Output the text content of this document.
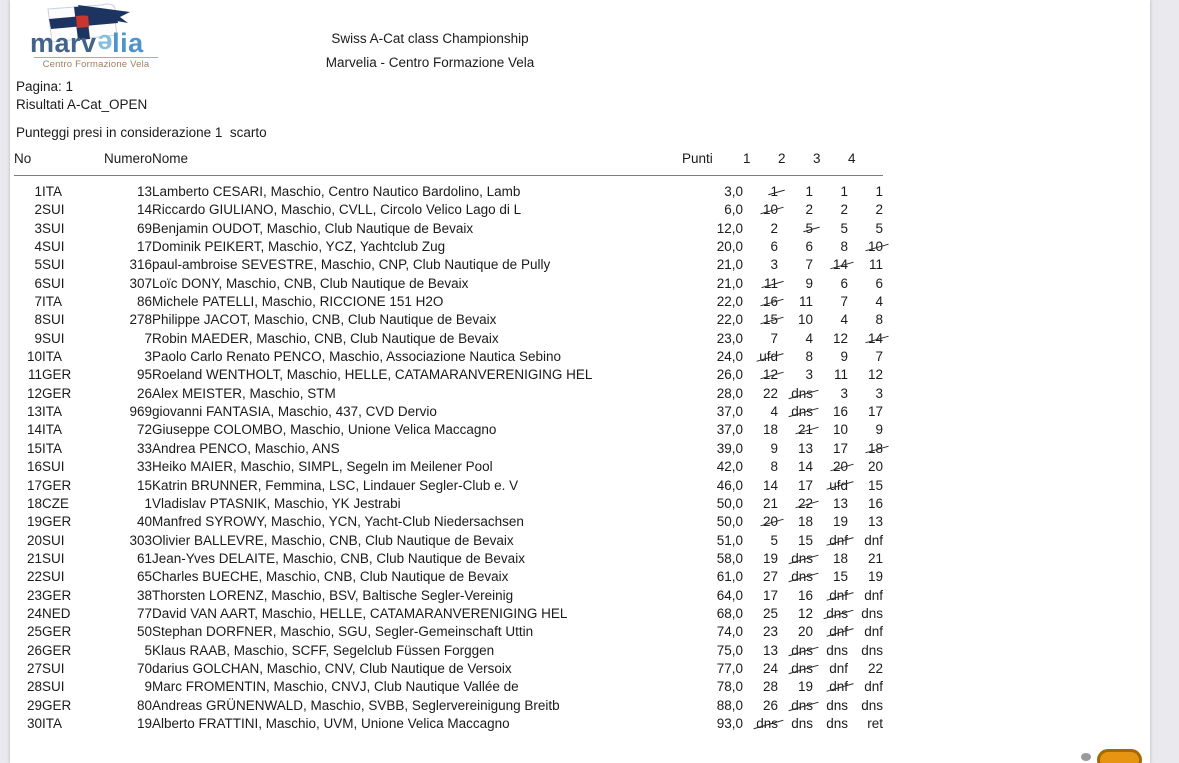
marvelia
Centro Formazione Vela
Swiss A-Cat class Championship
Marvelia - Centro Formazione Vela
Pagina: 1
Risultati A-Cat_OPEN
Punteggi presi in considerazione 1  scarto
No		Numero	Nome	Punti	1	2	3	4
1	ITA	13	Lamberto CESARI, Maschio, Centro Nautico Bardolino, Lamb	3,0	1	1	1	1
2	SUI	14	Riccardo GIULIANO, Maschio, CVLL, Circolo Velico Lago di L	6,0	10	2	2	2
3	SUI	69	Benjamin OUDOT, Maschio, Club Nautique de Bevaix	12,0	2	5	5	5
4	SUI	17	Dominik PEIKERT, Maschio, YCZ, Yachtclub Zug	20,0	6	6	8	10
5	SUI	316	paul-ambroise SEVESTRE, Maschio, CNP, Club Nautique de Pully	21,0	3	7	14	11
6	SUI	307	Loïc DONY, Maschio, CNB, Club Nautique de Bevaix	21,0	11	9	6	6
7	ITA	86	Michele PATELLI, Maschio, RICCIONE 151 H2O	22,0	16	11	7	4
8	SUI	278	Philippe JACOT, Maschio, CNB, Club Nautique de Bevaix	22,0	15	10	4	8
9	SUI	7	Robin MAEDER, Maschio, CNB, Club Nautique de Bevaix	23,0	7	4	12	14
10	ITA	3	Paolo Carlo Renato PENCO, Maschio, Associazione Nautica Sebino	24,0	ufd	8	9	7
11	GER	95	Roeland WENTHOLT, Maschio, HELLE, CATAMARANVERENIGING HEL	26,0	12	3	11	12
12	GER	26	Alex MEISTER, Maschio, STM	28,0	22	dns	3	3
13	ITA	969	giovanni FANTASIA, Maschio, 437, CVD Dervio	37,0	4	dns	16	17
14	ITA	72	Giuseppe COLOMBO, Maschio, Unione Velica Maccagno	37,0	18	21	10	9
15	ITA	33	Andrea PENCO, Maschio, ANS	39,0	9	13	17	18
16	SUI	33	Heiko MAIER, Maschio, SIMPL, Segeln im Meilener Pool	42,0	8	14	20	20
17	GER	15	Katrin BRUNNER, Femmina, LSC, Lindauer Segler-Club e. V	46,0	14	17	ufd	15
18	CZE	1	Vladislav PTASNIK, Maschio, YK Jestrabi	50,0	21	22	13	16
19	GER	40	Manfred SYROWY, Maschio, YCN, Yacht-Club Niedersachsen	50,0	20	18	19	13
20	SUI	303	Olivier BALLEVRE, Maschio, CNB, Club Nautique de Bevaix	51,0	5	15	dnf	dnf
21	SUI	61	Jean-Yves DELAITE, Maschio, CNB, Club Nautique de Bevaix	58,0	19	dns	18	21
22	SUI	65	Charles BUECHE, Maschio, CNB, Club Nautique de Bevaix	61,0	27	dns	15	19
23	GER	38	Thorsten LORENZ, Maschio, BSV, Baltische Segler-Vereinig	64,0	17	16	dnf	dnf
24	NED	77	David VAN AART, Maschio, HELLE, CATAMARANVERENIGING HEL	68,0	25	12	dns	dns
25	GER	50	Stephan DORFNER, Maschio, SGU, Segler-Gemeinschaft Uttin	74,0	23	20	dnf	dnf
26	GER	5	Klaus RAAB, Maschio, SCFF, Segelclub Füssen Forggen	75,0	13	dns	dns	dns
27	SUI	70	darius GOLCHAN, Maschio, CNV, Club Nautique de Versoix	77,0	24	dns	dnf	22
28	SUI	9	Marc FROMENTIN, Maschio, CNVJ, Club Nautique Vallée de	78,0	28	19	dnf	dnf
29	GER	80	Andreas GRÜNENWALD, Maschio, SVBB, Seglervereinigung Breitb	88,0	26	dns	dns	dns
30	ITA	19	Alberto FRATTINI, Maschio, UVM, Unione Velica Maccagno	93,0	dns	dns	dns	ret
